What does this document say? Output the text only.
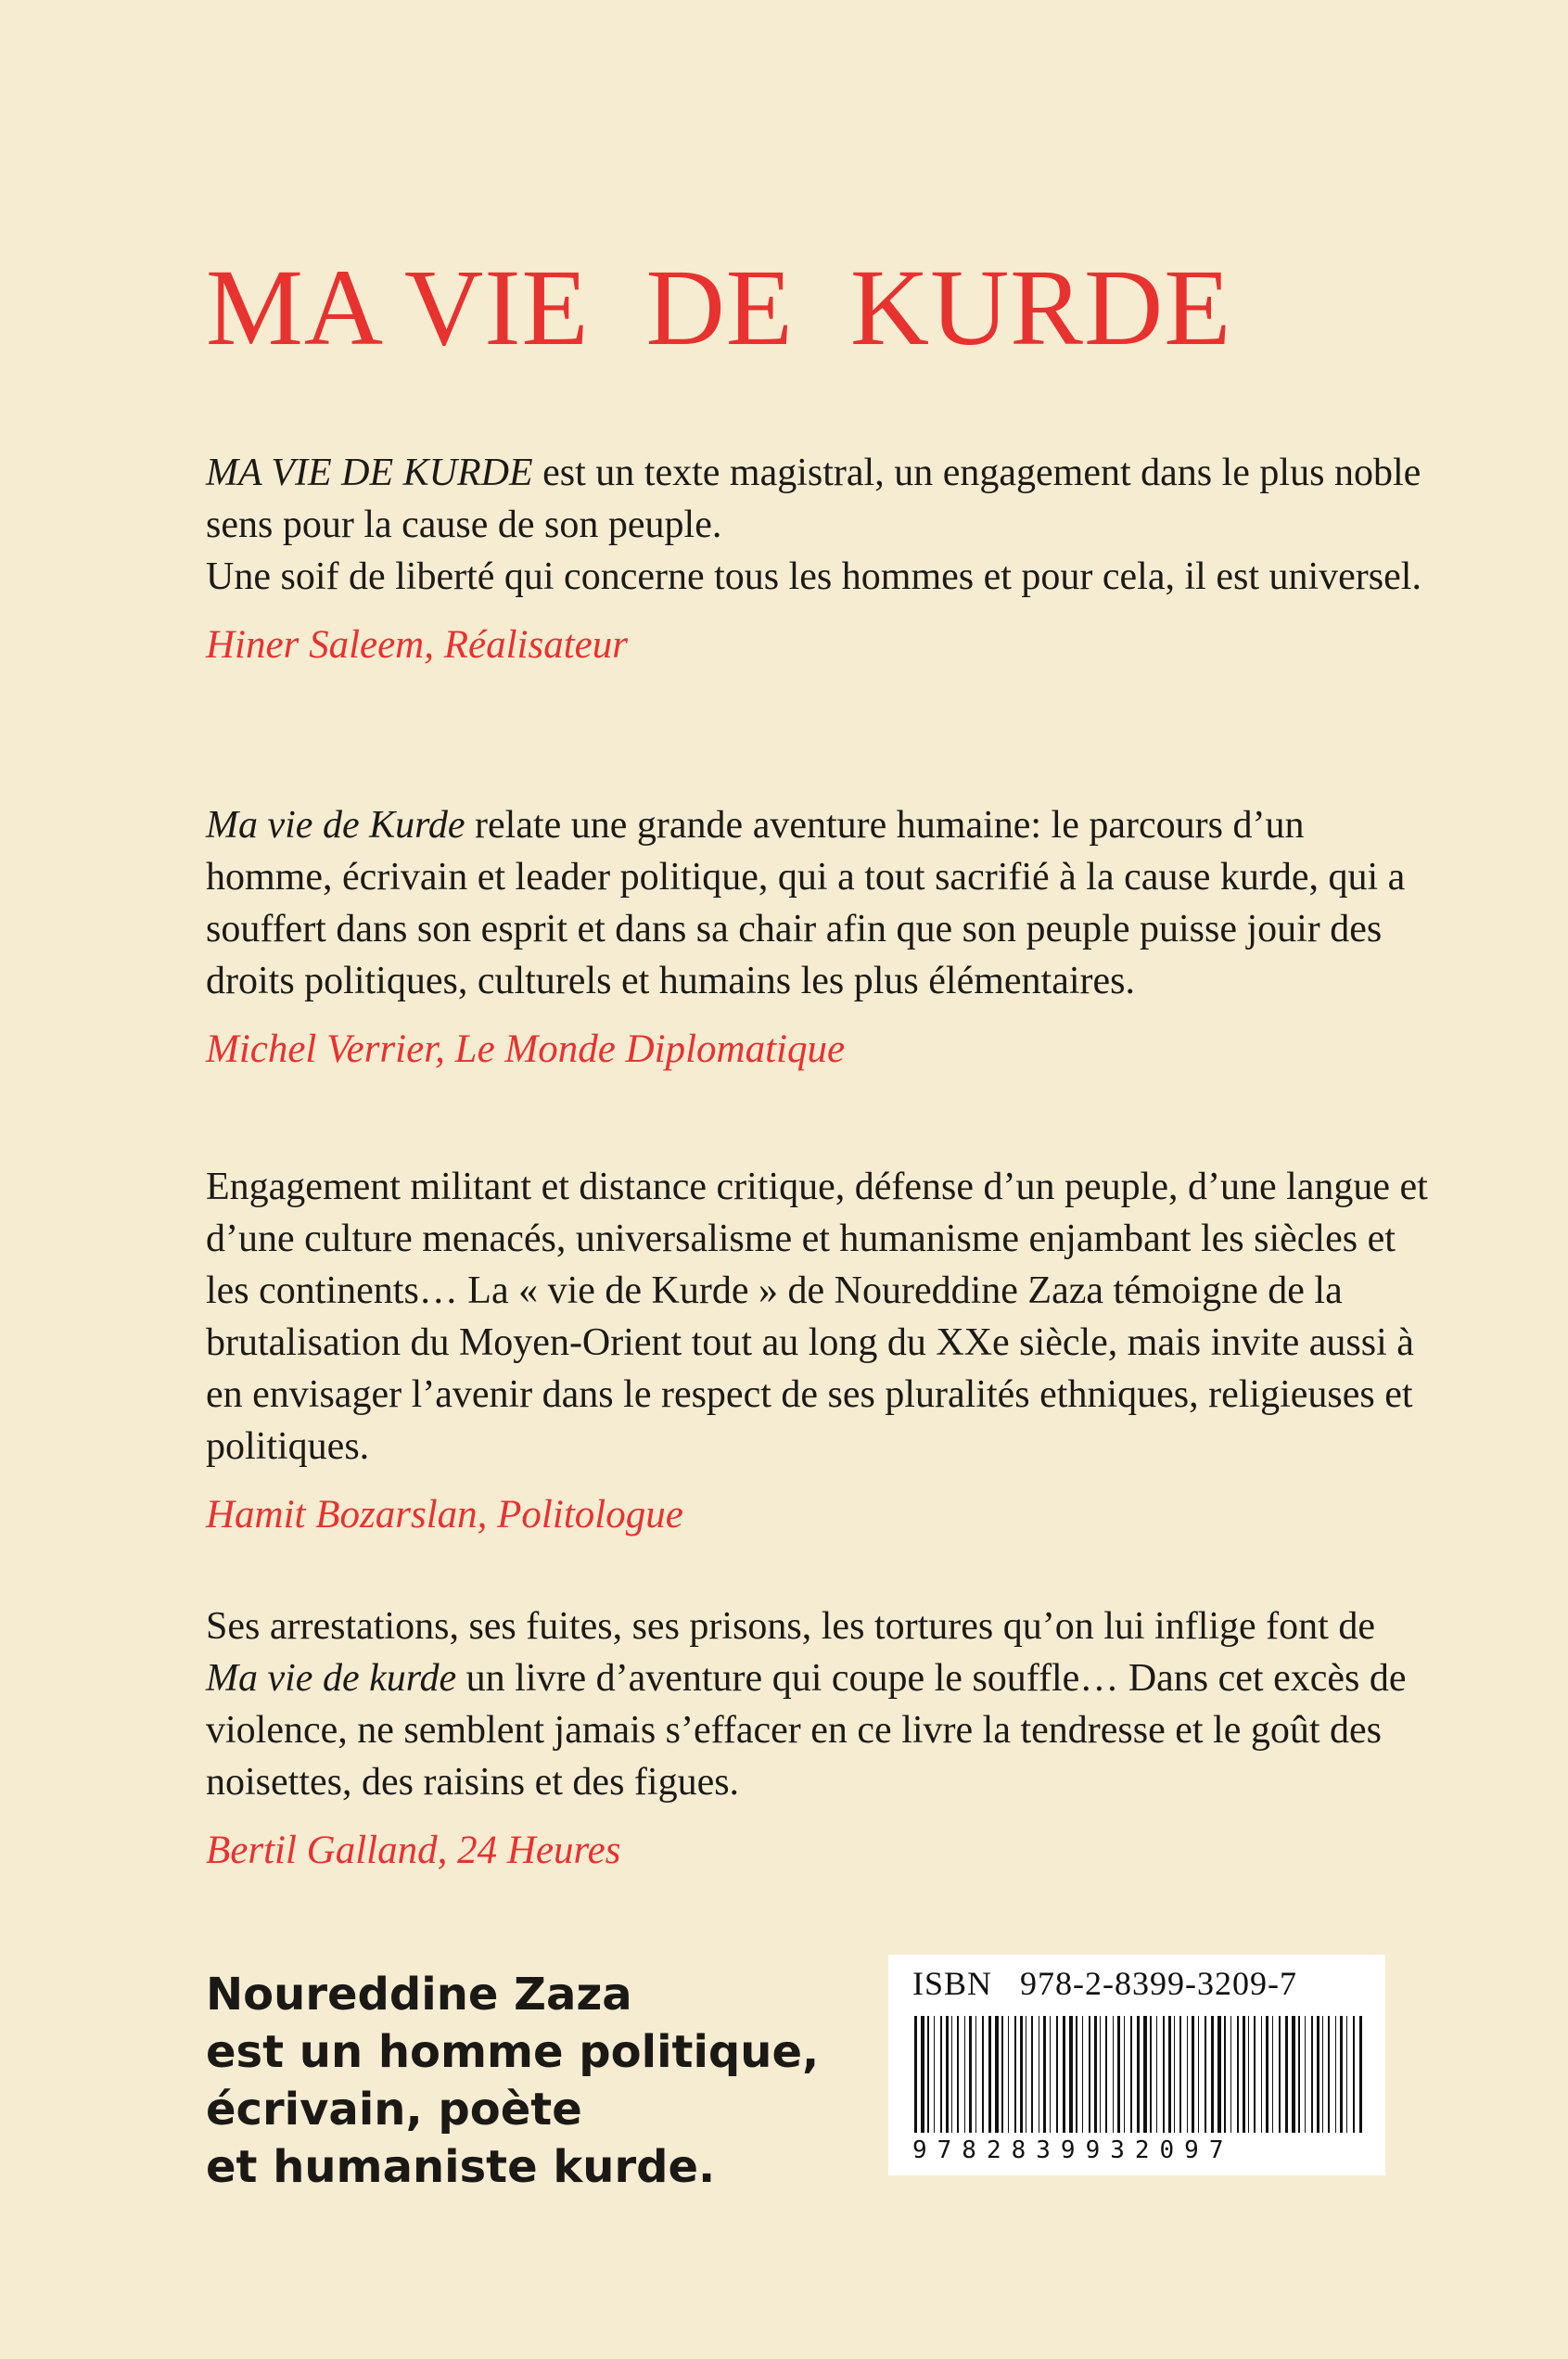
MA VIE  DE  KURDE

MA VIE DE KURDE est un texte magistral, un engagement dans le plus noble sens pour la cause de son peuple.

Une soif de liberté qui concerne tous les hommes et pour cela, il est universel.

Hiner Saleem, Réalisateur

Ma vie de Kurde relate une grande aventure humaine: le parcours d’un homme, écrivain et leader politique, qui a tout sacrifié à la cause kurde, qui a souffert dans son esprit et dans sa chair afin que son peuple puisse jouir des droits politiques, culturels et humains les plus élémentaires.

Michel Verrier, Le Monde Diplomatique

Engagement militant et distance critique, défense d’un peuple, d’une langue et d’une culture menacés, universalisme et humanisme enjambant les siècles et les continents… La « vie de Kurde » de Noureddine Zaza témoigne de la brutalisation du Moyen-Orient tout au long du XXe siècle, mais invite aussi à en envisager l’avenir dans le respect de ses pluralités ethniques, religieuses et politiques.

Hamit Bozarslan, Politologue

Ses arrestations, ses fuites, ses prisons, les tortures qu’on lui inflige font de Ma vie de kurde un livre d’aventure qui coupe le souffle… Dans cet excès de violence, ne semblent jamais s’effacer en ce livre la tendresse et le goût des noisettes, des raisins et des figues.

Bertil Galland, 24 Heures

Noureddine Zaza
est un homme politique,
écrivain, poète
et humaniste kurde.
ISBN   978-2-8399-3209-7
9782839932097
